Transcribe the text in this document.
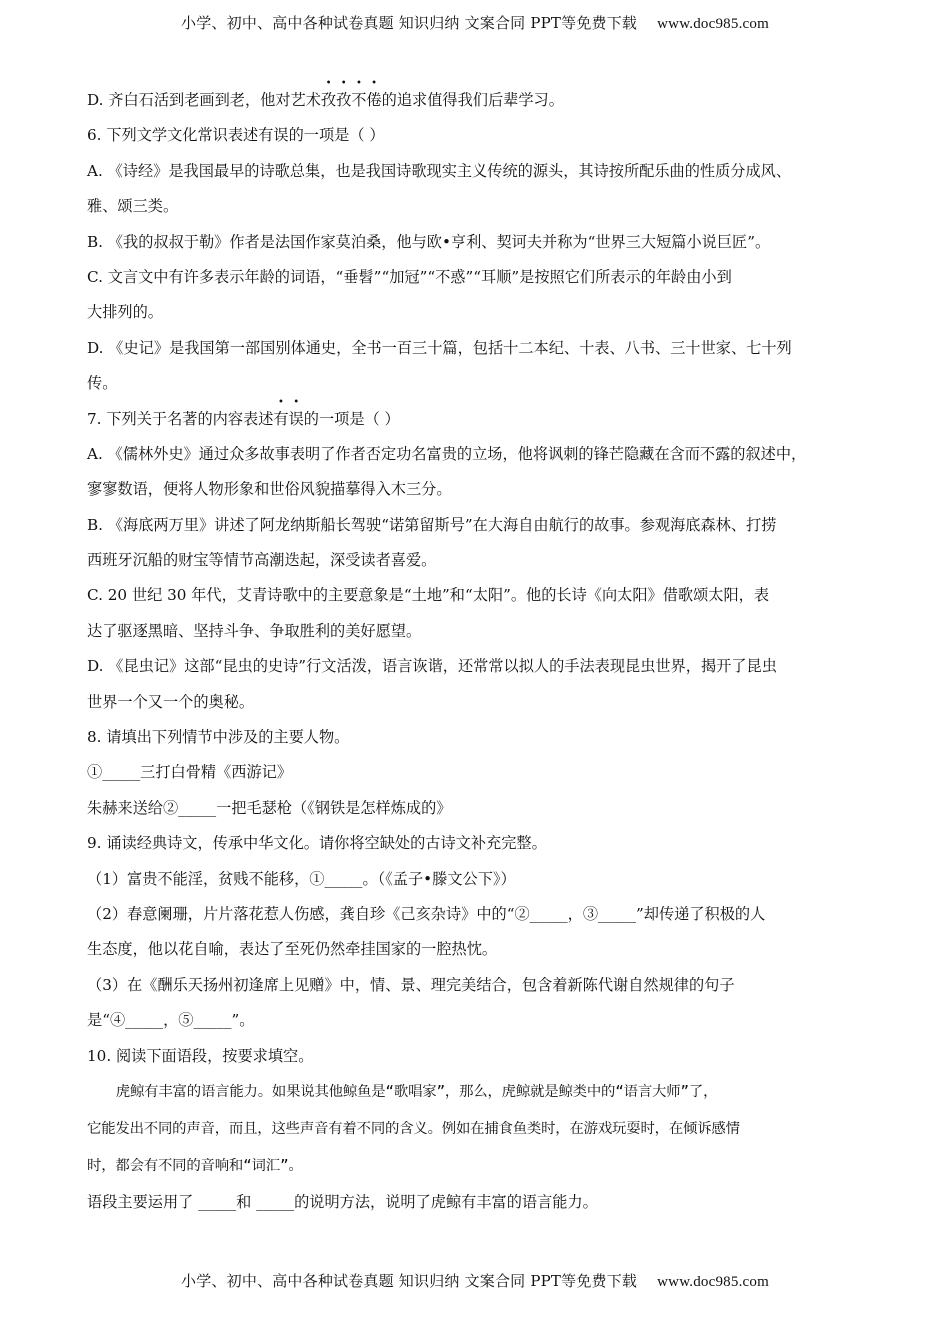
小学、初中、高中各种试卷真题 知识归纳 文案合同 PPT等免费下载 www.doc985.com
D. 齐白石活到老画到老，他对艺术
•
孜
•
孜
•
不
•
倦的追求值得我们后辈学习。
6. 下列文学文化常识表述有误的一项是（ ）
A. 《诗经》是我国最早的诗歌总集，也是我国诗歌现实主义传统的源头，其诗按所配乐曲的性质分成风、
雅、颂三类。
B. 《我的叔叔于勒》作者是法国作家莫泊桑，他与欧•亨利、契诃夫并称为“世界三大短篇小说巨匠”。
C. 文言文中有许多表示年龄的词语，“垂髫”“加冠”“不惑”“耳顺”是按照它们所表示的年龄由小到
大排列的。
D. 《史记》是我国第一部国别体通史，全书一百三十篇，包括十二本纪、十表、八书、三十世家、七十列
传。
7. 下列关于名著的内容表述
•
有
•
误的一项是（ ）
A. 《儒林外史》通过众多故事表明了作者否定功名富贵的立场，他将讽刺的锋芒隐藏在含而不露的叙述中，
寥寥数语，便将人物形象和世俗风貌描摹得入木三分。
B. 《海底两万里》讲述了阿龙纳斯船长驾驶“诺第留斯号”在大海自由航行的故事。参观海底森林、打捞
西班牙沉船的财宝等情节高潮迭起，深受读者喜爱。
C. 20 世纪 30 年代，艾青诗歌中的主要意象是“土地”和“太阳”。他的长诗《向太阳》借歌颂太阳，表
达了驱逐黑暗、坚持斗争、争取胜利的美好愿望。
D. 《昆虫记》这部“昆虫的史诗”行文活泼，语言诙谐，还常常以拟人的手法表现昆虫世界，揭开了昆虫
世界一个又一个的奥秘。
8. 请填出下列情节中涉及的主要人物。
①_____三打白骨精《西游记》
朱赫来送给②_____一把毛瑟枪（《钢铁是怎样炼成的》
9. 诵读经典诗文，传承中华文化。请你将空缺处的古诗文补充完整。
（1）富贵不能淫，贫贱不能移，①_____。（《孟子•滕文公下》）
（2）春意阑珊，片片落花惹人伤感，龚自珍《己亥杂诗》中的“②_____，③_____”却传递了积极的人
生态度，他以花自喻，表达了至死仍然牵挂国家的一腔热忱。
（3）在《酬乐天扬州初逢席上见赠》中，情、景、理完美结合，包含着新陈代谢自然规律的句子
是“④_____，⑤_____”。
10. 阅读下面语段，按要求填空。
虎鲸有丰富的语言能力。如果说其他鲸鱼是“歌唱家”，那么，虎鲸就是鲸类中的“语言大师”了，
它能发出不同的声音，而且，这些声音有着不同的含义。例如在捕食鱼类时，在游戏玩耍时，在倾诉感情
时，都会有不同的音响和“词汇”。
语段主要运用了 _____和 _____的说明方法，说明了虎鲸有丰富的语言能力。
小学、初中、高中各种试卷真题 知识归纳 文案合同 PPT等免费下载 www.doc985.com
